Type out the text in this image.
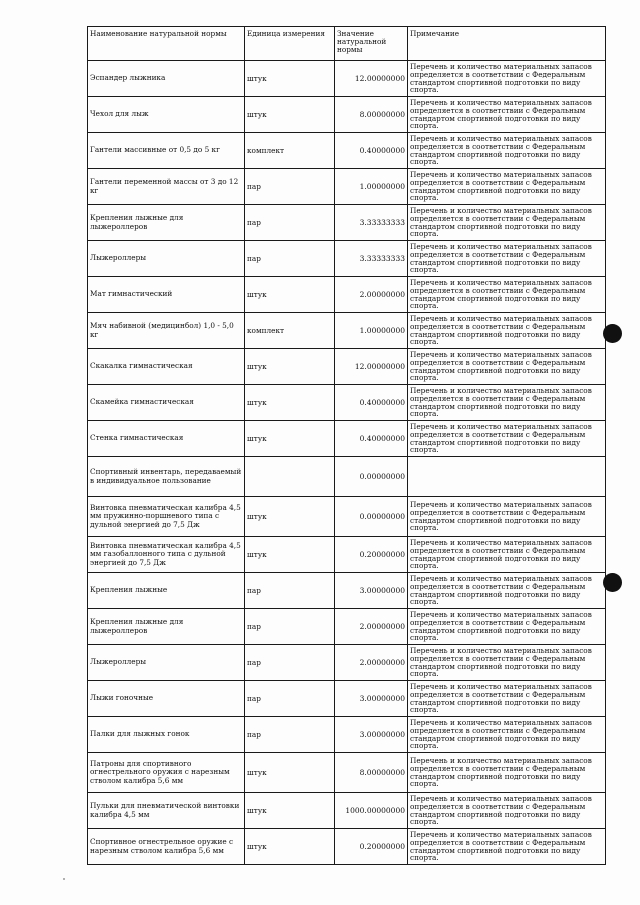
Наименование натуральной нормы	Единица измерения	Значение натуральной нормы	Примечание
Эспандер лыжника	штук	12.00000000	Перечень и количество материальных запасов определяется в соответствии с Федеральным стандартом спортивной подготовки по виду спорта.
Чехол для лыж	штук	8.00000000	Перечень и количество материальных запасов определяется в соответствии с Федеральным стандартом спортивной подготовки по виду спорта.
Гантели массивные от 0,5 до 5 кг	комплект	0.40000000	Перечень и количество материальных запасов определяется в соответствии с Федеральным стандартом спортивной подготовки по виду спорта.
Гантели переменной массы от 3 до 12 кг	пар	1.00000000	Перечень и количество материальных запасов определяется в соответствии с Федеральным стандартом спортивной подготовки по виду спорта.
Крепления лыжные для лыжероллеров	пар	3.33333333	Перечень и количество материальных запасов определяется в соответствии с Федеральным стандартом спортивной подготовки по виду спорта.
Лыжероллеры	пар	3.33333333	Перечень и количество материальных запасов определяется в соответствии с Федеральным стандартом спортивной подготовки по виду спорта.
Мат гимнастический	штук	2.00000000	Перечень и количество материальных запасов определяется в соответствии с Федеральным стандартом спортивной подготовки по виду спорта.
Мяч набивной (медицинбол) 1,0 - 5,0 кг	комплект	1.00000000	Перечень и количество материальных запасов определяется в соответствии с Федеральным стандартом спортивной подготовки по виду спорта.
Скакалка гимнастическая	штук	12.00000000	Перечень и количество материальных запасов определяется в соответствии с Федеральным стандартом спортивной подготовки по виду спорта.
Скамейка гимнастическая	штук	0.40000000	Перечень и количество материальных запасов определяется в соответствии с Федеральным стандартом спортивной подготовки по виду спорта.
Стенка гимнастическая	штук	0.40000000	Перечень и количество материальных запасов определяется в соответствии с Федеральным стандартом спортивной подготовки по виду спорта.
Спортивный инвентарь, передаваемый в индивидуальное пользование		0.00000000	
Винтовка пневматическая калибра 4,5 мм пружинно-поршневого типа с дульной энергией до 7,5 Дж	штук	0.00000000	Перечень и количество материальных запасов определяется в соответствии с Федеральным стандартом спортивной подготовки по виду спорта.
Винтовка пневматическая калибра 4,5 мм газобаллонного типа с дульной энергией до 7,5 Дж	штук	0.20000000	Перечень и количество материальных запасов определяется в соответствии с Федеральным стандартом спортивной подготовки по виду спорта.
Крепления лыжные	пар	3.00000000	Перечень и количество материальных запасов определяется в соответствии с Федеральным стандартом спортивной подготовки по виду спорта.
Крепления лыжные для лыжероллеров	пар	2.00000000	Перечень и количество материальных запасов определяется в соответствии с Федеральным стандартом спортивной подготовки по виду спорта.
Лыжероллеры	пар	2.00000000	Перечень и количество материальных запасов определяется в соответствии с Федеральным стандартом спортивной подготовки по виду спорта.
Лыжи гоночные	пар	3.00000000	Перечень и количество материальных запасов определяется в соответствии с Федеральным стандартом спортивной подготовки по виду спорта.
Палки для лыжных гонок	пар	3.00000000	Перечень и количество материальных запасов определяется в соответствии с Федеральным стандартом спортивной подготовки по виду спорта.
Патроны для спортивного огнестрельного оружия с нарезным стволом калибра 5,6 мм	штук	8.00000000	Перечень и количество материальных запасов определяется в соответствии с Федеральным стандартом спортивной подготовки по виду спорта.
Пульки для пневматической винтовки калибра 4,5 мм	штук	1000.00000000	Перечень и количество материальных запасов определяется в соответствии с Федеральным стандартом спортивной подготовки по виду спорта.
Спортивное огнестрельное оружие с нарезным стволом калибра 5,6 мм	штук	0.20000000	Перечень и количество материальных запасов определяется в соответствии с Федеральным стандартом спортивной подготовки по виду спорта.
